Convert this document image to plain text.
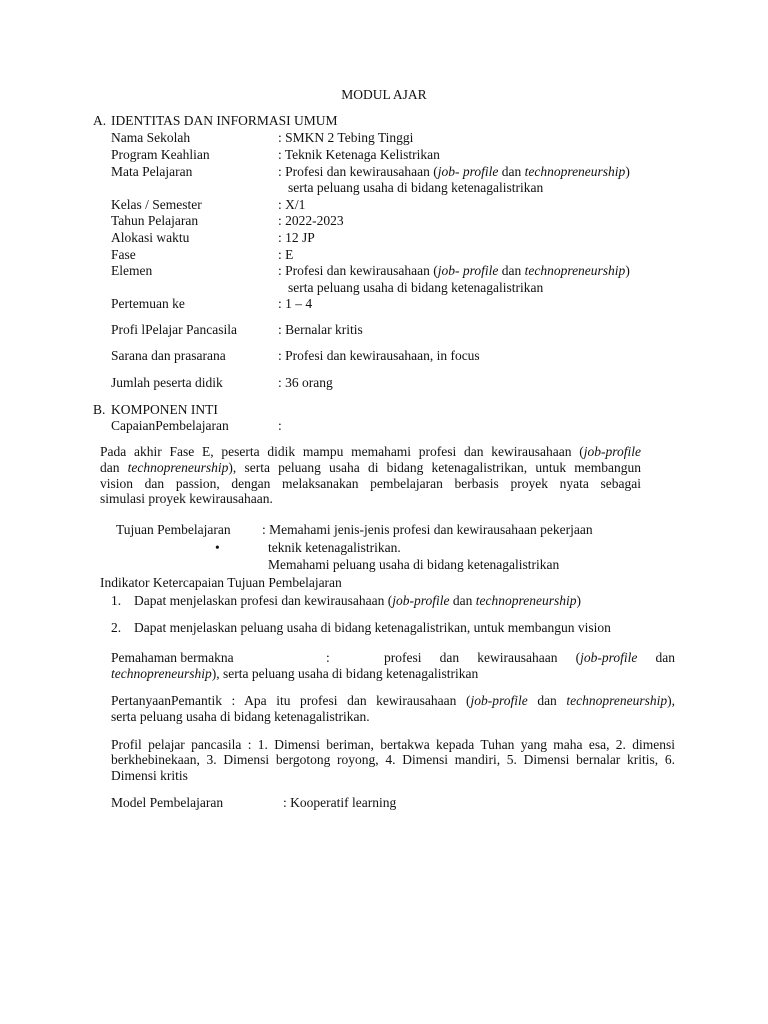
MODUL AJAR
A. IDENTITAS DAN INFORMASI UMUM
Nama Sekolah	: SMKN 2 Tebing Tinggi
Program Keahlian	: Teknik Ketenaga Kelistrikan
Mata Pelajaran	: Profesi dan kewirausahaan (job- profile dan technopreneurship)
serta peluang usaha di bidang ketenagalistrikan
Kelas / Semester	: X/1
Tahun Pelajaran	: 2022-2023
Alokasi waktu	: 12 JP
Fase	: E
Elemen	: Profesi dan kewirausahaan (job- profile dan technopreneurship)
serta peluang usaha di bidang ketenagalistrikan
Pertemuan ke	: 1 – 4
Profi lPelajar Pancasila	: Bernalar kritis
Sarana dan prasarana	: Profesi dan kewirausahaan, in focus
Jumlah peserta didik	: 36 orang
B. KOMPONEN INTI
CapaianPembelajaran	:
Pada akhir Fase E, peserta didik mampu memahami profesi dan kewirausahaan (job-profile
dan technopreneurship), serta peluang usaha di bidang ketenagalistrikan, untuk membangun
vision dan passion, dengan melaksanakan pembelajaran berbasis proyek nyata sebagai
simulasi proyek kewirausahaan.
Tujuan Pembelajaran : Memahami jenis-jenis profesi dan kewirausahaan pekerjaan
•	teknik ketenagalistrikan.
Memahami peluang usaha di bidang ketenagalistrikan
Indikator Ketercapaian Tujuan Pembelajaran
1. Dapat menjelaskan profesi dan kewirausahaan (job-profile dan technopreneurship)
2. Dapat menjelaskan peluang usaha di bidang ketenagalistrikan, untuk membangun vision
Pemahaman bermakna	:	profesi dan kewirausahaan (job-profile dan
technopreneurship), serta peluang usaha di bidang ketenagalistrikan
PertanyaanPemantik : Apa itu profesi dan kewirausahaan (job-profile dan technopreneurship),
serta peluang usaha di bidang ketenagalistrikan.
Profil pelajar pancasila : 1. Dimensi beriman, bertakwa kepada Tuhan yang maha esa, 2. dimensi
berkhebinekaan, 3. Dimensi bergotong royong, 4. Dimensi mandiri, 5. Dimensi bernalar kritis, 6.
Dimensi kritis
Model Pembelajaran	: Kooperatif learning
